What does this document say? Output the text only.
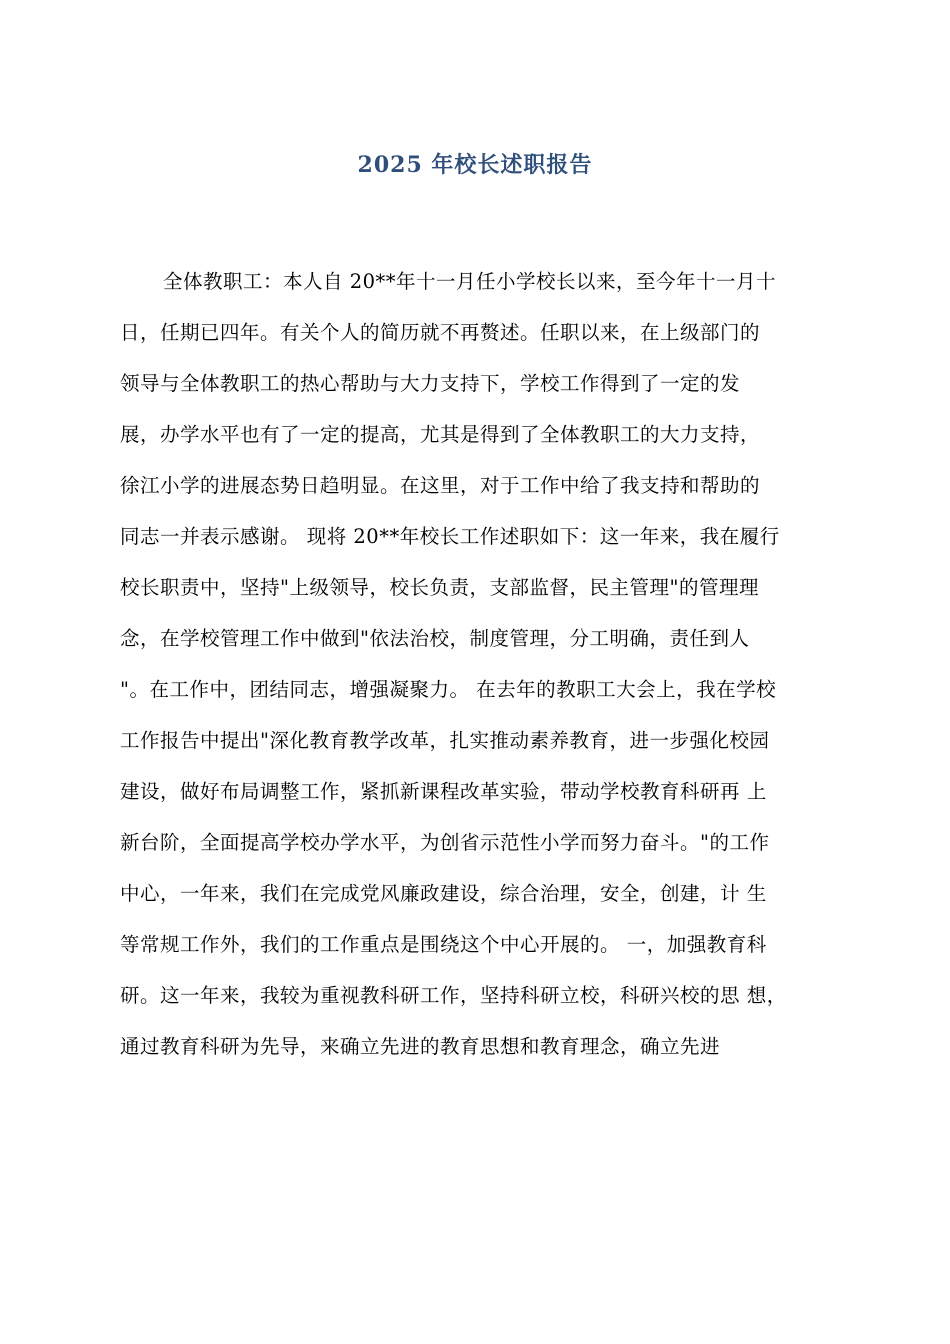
2025 年校长述职报告
全体教职工：本人自 20**年十一月任小学校长以来，至今年十一月十
日，任期已四年。有关个人的简历就不再赘述。任职以来，在上级部门的
领导与全体教职工的热心帮助与大力支持下，学校工作得到了一定的发
展，办学水平也有了一定的提高，尤其是得到了全体教职工的大力支持，
徐江小学的进展态势日趋明显。在这里，对于工作中给了我支持和帮助的
同志一并表示感谢。 现将 20**年校长工作述职如下：这一年来，我在履行
校长职责中，坚持"上级领导，校长负责，支部监督，民主管理"的管理理
念，在学校管理工作中做到"依法治校，制度管理，分工明确，责任到人
"。在工作中，团结同志，增强凝聚力。 在去年的教职工大会上，我在学校
工作报告中提出"深化教育教学改革，扎实推动素养教育，进一步强化校园
建设，做好布局调整工作，紧抓新课程改革实验，带动学校教育科研再 上
新台阶，全面提高学校办学水平，为创省示范性小学而努力奋斗。"的工作
中心，一年来，我们在完成党风廉政建设，综合治理，安全，创建，计 生
等常规工作外，我们的工作重点是围绕这个中心开展的。 一，加强教育科
研。这一年来，我较为重视教科研工作，坚持科研立校，科研兴校的思 想，
通过教育科研为先导，来确立先进的教育思想和教育理念，确立先进
